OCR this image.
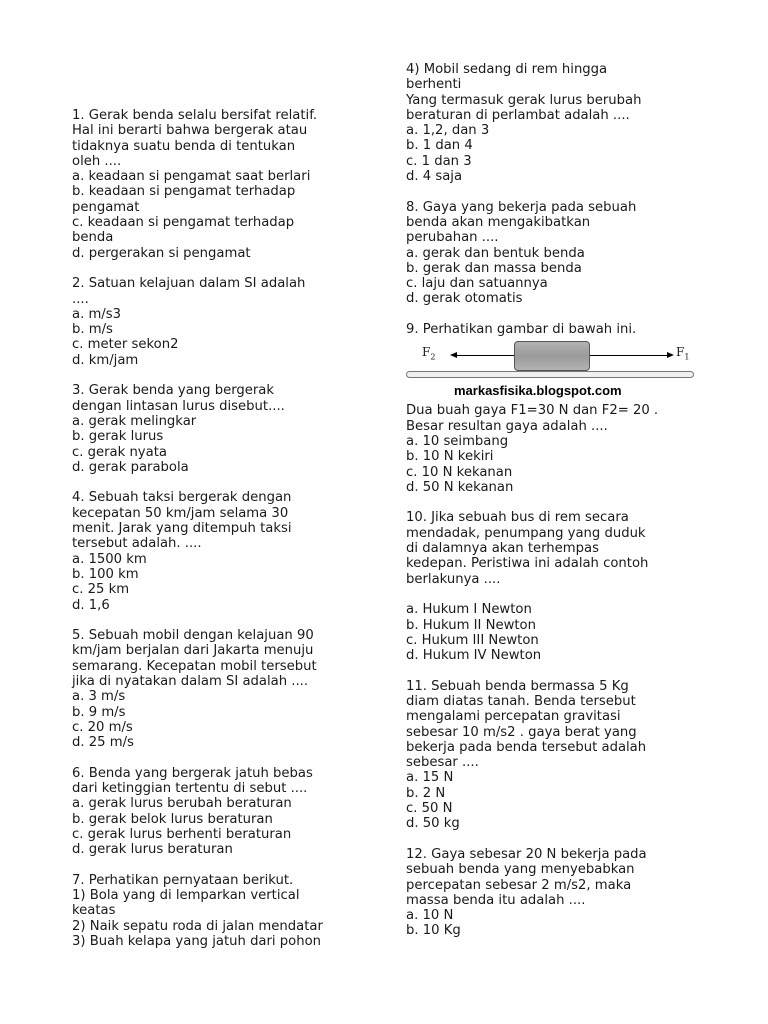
1. Gerak benda selalu bersifat relatif.
Hal ini berarti bahwa bergerak atau
tidaknya suatu benda di tentukan
oleh ....
a. keadaan si pengamat saat berlari
b. keadaan si pengamat terhadap
pengamat
c. keadaan si pengamat terhadap
benda
d. pergerakan si pengamat
2. Satuan kelajuan dalam SI adalah
....
a. m/s3
b. m/s
c. meter sekon2
d. km/jam
3. Gerak benda yang bergerak
dengan lintasan lurus disebut....
a. gerak melingkar
b. gerak lurus
c. gerak nyata
d. gerak parabola
4. Sebuah taksi bergerak dengan
kecepatan 50 km/jam selama 30
menit. Jarak yang ditempuh taksi
tersebut adalah. ....
a. 1500 km
b. 100 km
c. 25 km
d. 1,6
5. Sebuah mobil dengan kelajuan 90
km/jam berjalan dari Jakarta menuju
semarang. Kecepatan mobil tersebut
jika di nyatakan dalam SI adalah ....
a. 3 m/s
b. 9 m/s
c. 20 m/s
d. 25 m/s
6. Benda yang bergerak jatuh bebas
dari ketinggian tertentu di sebut ....
a. gerak lurus berubah beraturan
b. gerak belok lurus beraturan
c. gerak lurus berhenti beraturan
d. gerak lurus beraturan
7. Perhatikan pernyataan berikut.
1) Bola yang di lemparkan vertical
keatas
2) Naik sepatu roda di jalan mendatar
3) Buah kelapa yang jatuh dari pohon
4) Mobil sedang di rem hingga
berhenti
Yang termasuk gerak lurus berubah
beraturan di perlambat adalah ....
a. 1,2, dan 3
b. 1 dan 4
c. 1 dan 3
d. 4 saja
8. Gaya yang bekerja pada sebuah
benda akan mengakibatkan
perubahan ....
a. gerak dan bentuk benda
b. gerak dan massa benda
c. laju dan satuannya
d. gerak otomatis
9. Perhatikan gambar di bawah ini.
$F_2$	$F_1$
markasfisika.blogspot.com
Dua buah gaya F1=30 N dan F2= 20 .
Besar resultan gaya adalah ....
a. 10 seimbang
b. 10 N kekiri
c. 10 N kekanan
d. 50 N kekanan
10. Jika sebuah bus di rem secara
mendadak, penumpang yang duduk
di dalamnya akan terhempas
kedepan. Peristiwa ini adalah contoh
berlakunya ....
a. Hukum I Newton
b. Hukum II Newton
c. Hukum III Newton
d. Hukum IV Newton
11. Sebuah benda bermassa 5 Kg
diam diatas tanah. Benda tersebut
mengalami percepatan gravitasi
sebesar 10 m/s2 . gaya berat yang
bekerja pada benda tersebut adalah
sebesar ....
a. 15 N
b. 2 N
c. 50 N
d. 50 kg
12. Gaya sebesar 20 N bekerja pada
sebuah benda yang menyebabkan
percepatan sebesar 2 m/s2, maka
massa benda itu adalah ....
a. 10 N
b. 10 Kg
